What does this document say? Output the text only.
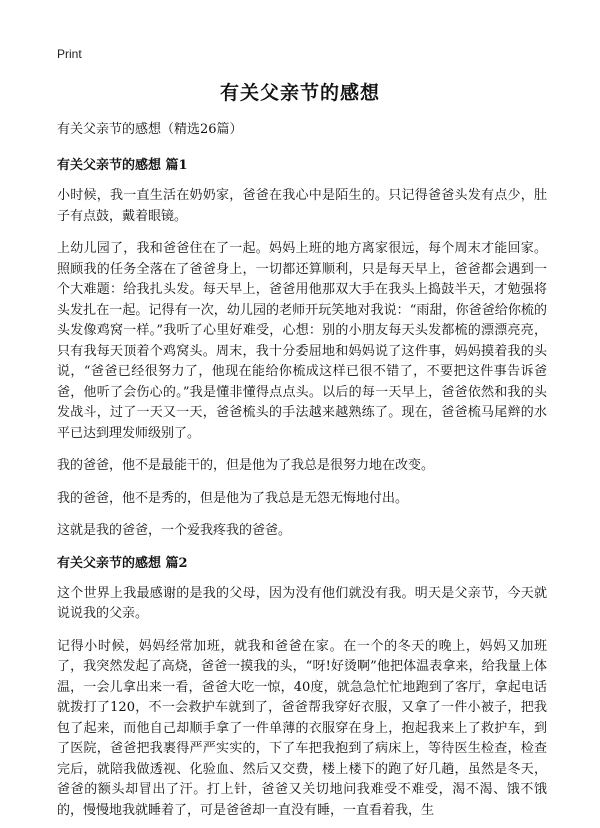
Print
有关父亲节的感想

有关父亲节的感想（精选26篇）

有关父亲节的感想 篇1

小时候，我一直生活在奶奶家，爸爸在我心中是陌生的。只记得爸爸头发有点少，肚子有点鼓，戴着眼镜。

上幼儿园了，我和爸爸住在了一起。妈妈上班的地方离家很远，每个周末才能回家。照顾我的任务全落在了爸爸身上，一切都还算顺利，只是每天早上，爸爸都会遇到一个大难题：给我扎头发。每天早上，爸爸用他那双大手在我头上捣鼓半天，才勉强将头发扎在一起。记得有一次，幼儿园的老师开玩笑地对我说：“雨甜，你爸爸给你梳的头发像鸡窝一样。”我听了心里好难受，心想：别的小朋友每天头发都梳的漂漂亮亮，只有我每天顶着个鸡窝头。周末，我十分委屈地和妈妈说了这件事，妈妈摸着我的头说，“爸爸已经很努力了，他现在能给你梳成这样已很不错了，不要把这件事告诉爸爸，他听了会伤心的。”我是懂非懂得点点头。以后的每一天早上，爸爸依然和我的头发战斗，过了一天又一天，爸爸梳头的手法越来越熟练了。现在，爸爸梳马尾辫的水平已达到理发师级别了。

我的爸爸，他不是最能干的，但是他为了我总是很努力地在改变。

我的爸爸，他不是秀的，但是他为了我总是无怨无悔地付出。

这就是我的爸爸，一个爱我疼我的爸爸。

有关父亲节的感想 篇2

这个世界上我最感谢的是我的父母，因为没有他们就没有我。明天是父亲节，今天就说说我的父亲。

记得小时候，妈妈经常加班，就我和爸爸在家。在一个的冬天的晚上，妈妈又加班了，我突然发起了高烧，爸爸一摸我的头，“呀!好烫啊”他把体温表拿来，给我量上体温，一会儿拿出来一看，爸爸大吃一惊，40度，就急急忙忙地跑到了客厅，拿起电话就拨打了120，不一会救护车就到了，爸爸帮我穿好衣服，又拿了一件小被子，把我包了起来，而他自己却顺手拿了一件单薄的衣服穿在身上，抱起我来上了救护车，到了医院，爸爸把我裹得严严实实的，下了车把我抱到了病床上，等待医生检查，检查完后，就陪我做透视、化验血、然后又交费，楼上楼下的跑了好几趟，虽然是冬天，爸爸的额头却冒出了汗。打上针，爸爸又关切地问我难受不难受，渴不渴、饿不饿的，慢慢地我就睡着了，可是爸爸却一直没有睡，一直看着我，生
